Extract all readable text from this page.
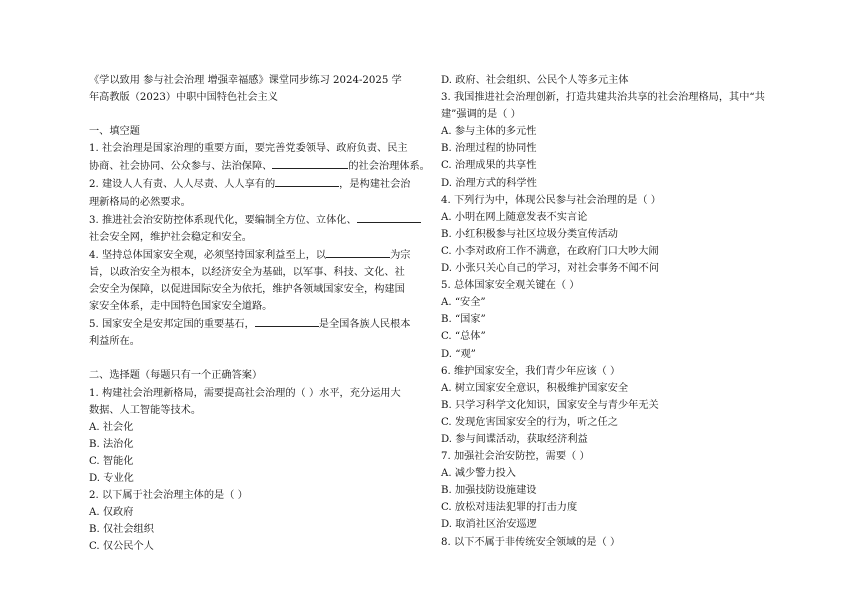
《学以致用 参与社会治理 增强幸福感》课堂同步练习 2024-2025 学
年高教版（2023）中职中国特色社会主义
一、填空题
1. 社会治理是国家治理的重要方面，要完善党委领导、政府负责、民主
协商、社会协同、公众参与、法治保障、	的社会治理体系。
2. 建设人人有责、人人尽责、人人享有的	，是构建社会治
理新格局的必然要求。
3. 推进社会治安防控体系现代化，要编制全方位、立体化、
社会安全网，维护社会稳定和安全。
4. 坚持总体国家安全观，必须坚持国家利益至上，以	为宗
旨，以政治安全为根本，以经济安全为基础，以军事、科技、文化、社
会安全为保障，以促进国际安全为依托，维护各领域国家安全，构建国
家安全体系，走中国特色国家安全道路。
5. 国家安全是安邦定国的重要基石，	是全国各族人民根本
利益所在。
二、选择题（每题只有一个正确答案）
1. 构建社会治理新格局，需要提高社会治理的（ ）水平，充分运用大
数据、人工智能等技术。
A. 社会化
B. 法治化
C. 智能化
D. 专业化
2. 以下属于社会治理主体的是（ ）
A. 仅政府
B. 仅社会组织
C. 仅公民个人
D. 政府、社会组织、公民个人等多元主体
3. 我国推进社会治理创新，打造共建共治共享的社会治理格局，其中“共
建”强调的是（ ）
A. 参与主体的多元性
B. 治理过程的协同性
C. 治理成果的共享性
D. 治理方式的科学性
4. 下列行为中，体现公民参与社会治理的是（ ）
A. 小明在网上随意发表不实言论
B. 小红积极参与社区垃圾分类宣传活动
C. 小李对政府工作不满意，在政府门口大吵大闹
D. 小张只关心自己的学习，对社会事务不闻不问
5. 总体国家安全观关键在（ ）
A. “安全”
B. “国家”
C. “总体”
D. “观”
6. 维护国家安全，我们青少年应该（ ）
A. 树立国家安全意识，积极维护国家安全
B. 只学习科学文化知识，国家安全与青少年无关
C. 发现危害国家安全的行为，听之任之
D. 参与间谍活动，获取经济利益
7. 加强社会治安防控，需要（ ）
A. 减少警力投入
B. 加强技防设施建设
C. 放松对违法犯罪的打击力度
D. 取消社区治安巡逻
8. 以下不属于非传统安全领域的是（ ）
